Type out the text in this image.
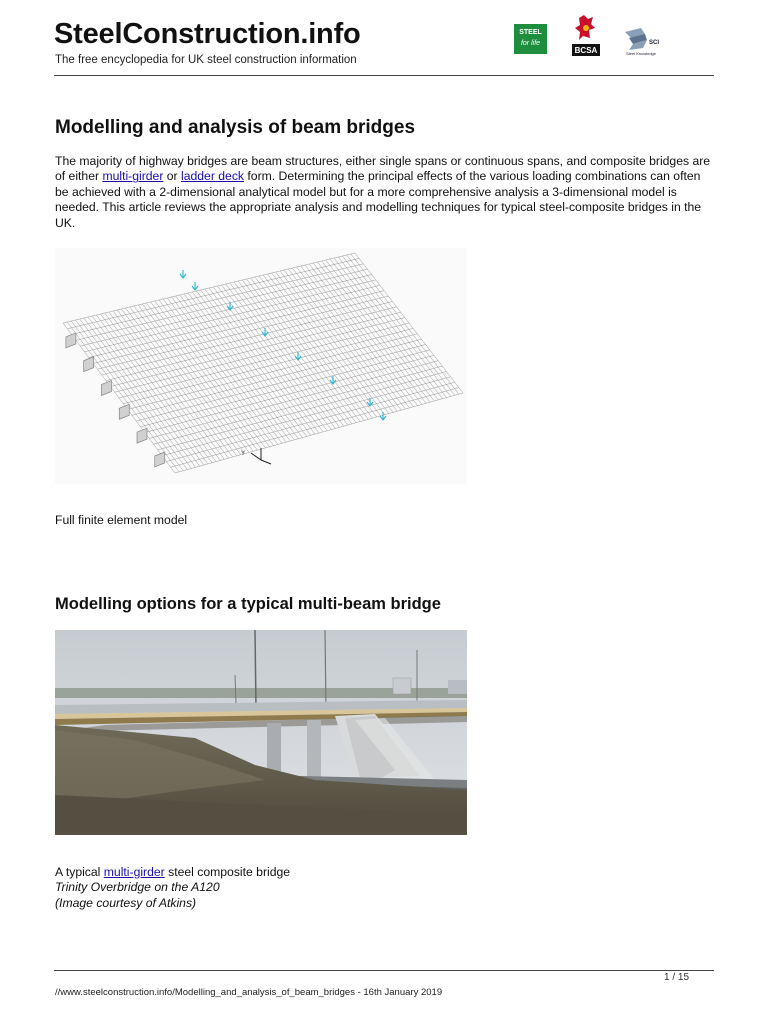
SteelConstruction.info
The free encyclopedia for UK steel construction information
STEEL
for life
BCSA
SCI
Steel Knowledge
Modelling and analysis of beam bridges

The majority of highway bridges are beam structures, either single spans or continuous spans, and composite bridges are of either multi-girder or ladder deck form. Determining the principal effects of the various loading combinations can often be achieved with a 2-dimensional analytical model but for a more comprehensive analysis a 3-dimensional model is needed. This article reviews the appropriate analysis and modelling techniques for typical steel-composite bridges in the UK.

Y
Full finite element model
Modelling options for a typical multi-beam bridge
A typical multi-girder steel composite bridge
Trinity Overbridge on the A120
(Image courtesy of Atkins)
1 / 15
//www.steelconstruction.info/Modelling_and_analysis_of_beam_bridges - 16th January 2019
